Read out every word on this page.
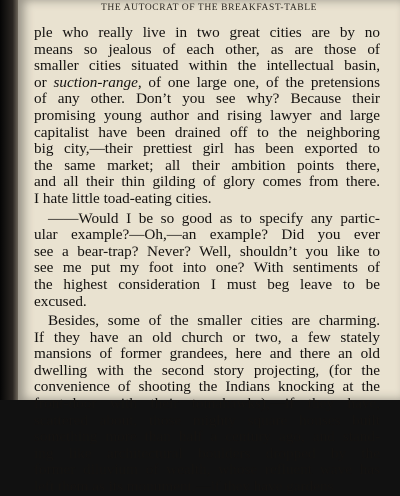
THE AUTOCRAT OF THE BREAKFAST-TABLE
ple who really live in two great cities are by no
means so jealous of each other, as are those of
smaller cities situated within the intellectual basin,
or suction-range, of one large one, of the pretensions
of any other. Don’t you see why? Because their
promising young author and rising lawyer and large
capitalist have been drained off to the neighboring
big city,—their prettiest girl has been exported to
the same market; all their ambition points there,
and all their thin gilding of glory comes from there.
I hate little toad-eating cities.
——Would I be so good as to specify any partic-
ular example?—Oh,—an example? Did you ever
see a bear-trap? Never? Well, shouldn’t you like to
see me put my foot into one? With sentiments of
the highest consideration I must beg leave to be
excused.
Besides, some of the smaller cities are charming.
If they have an old church or two, a few stately
mansions of former grandees, here and there an old
dwelling with the second story projecting, (for the
convenience of shooting the Indians knocking at the
front-door with their tomahawks),—if they have,
scattered about, those mighty square houses built
something more than half a century ago, and stand-
ing like architectural boulders dropped by the
former diluvium of wealth, whose refluent wave has
left them as its monument,—if they have gardens
